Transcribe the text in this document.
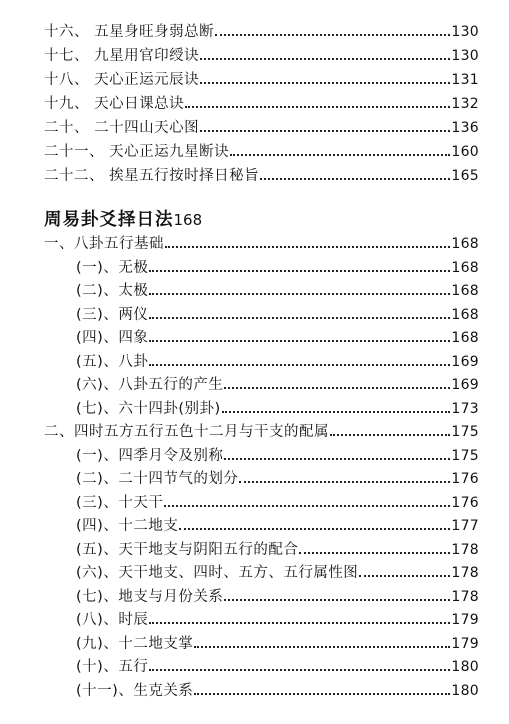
十六、 五星身旺身弱总断	130
十七、 九星用官印绶诀	130
十八、 天心正运元辰诀	131
十九、 天心日课总诀	132
二十、 二十四山天心图	136
二十一、 天心正运九星断诀	160
二十二、 挨星五行按时择日秘旨	165
周易卦爻择日法 168
一、八卦五行基础	168
(一)、无极	168
(二)、太极	168
(三)、两仪	168
(四)、四象	168
(五)、八卦	169
(六)、八卦五行的产生	169
(七)、六十四卦(别卦)	173
二、四时五方五行五色十二月与干支的配属	175
(一)、四季月令及别称	175
(二)、二十四节气的划分	176
(三)、十天干	176
(四)、十二地支	177
(五)、天干地支与阴阳五行的配合	178
(六)、天干地支、四时、五方、五行属性图	178
(七)、地支与月份关系	178
(八)、时辰	179
(九)、十二地支掌	179
(十)、五行	180
(十一)、生克关系	180
